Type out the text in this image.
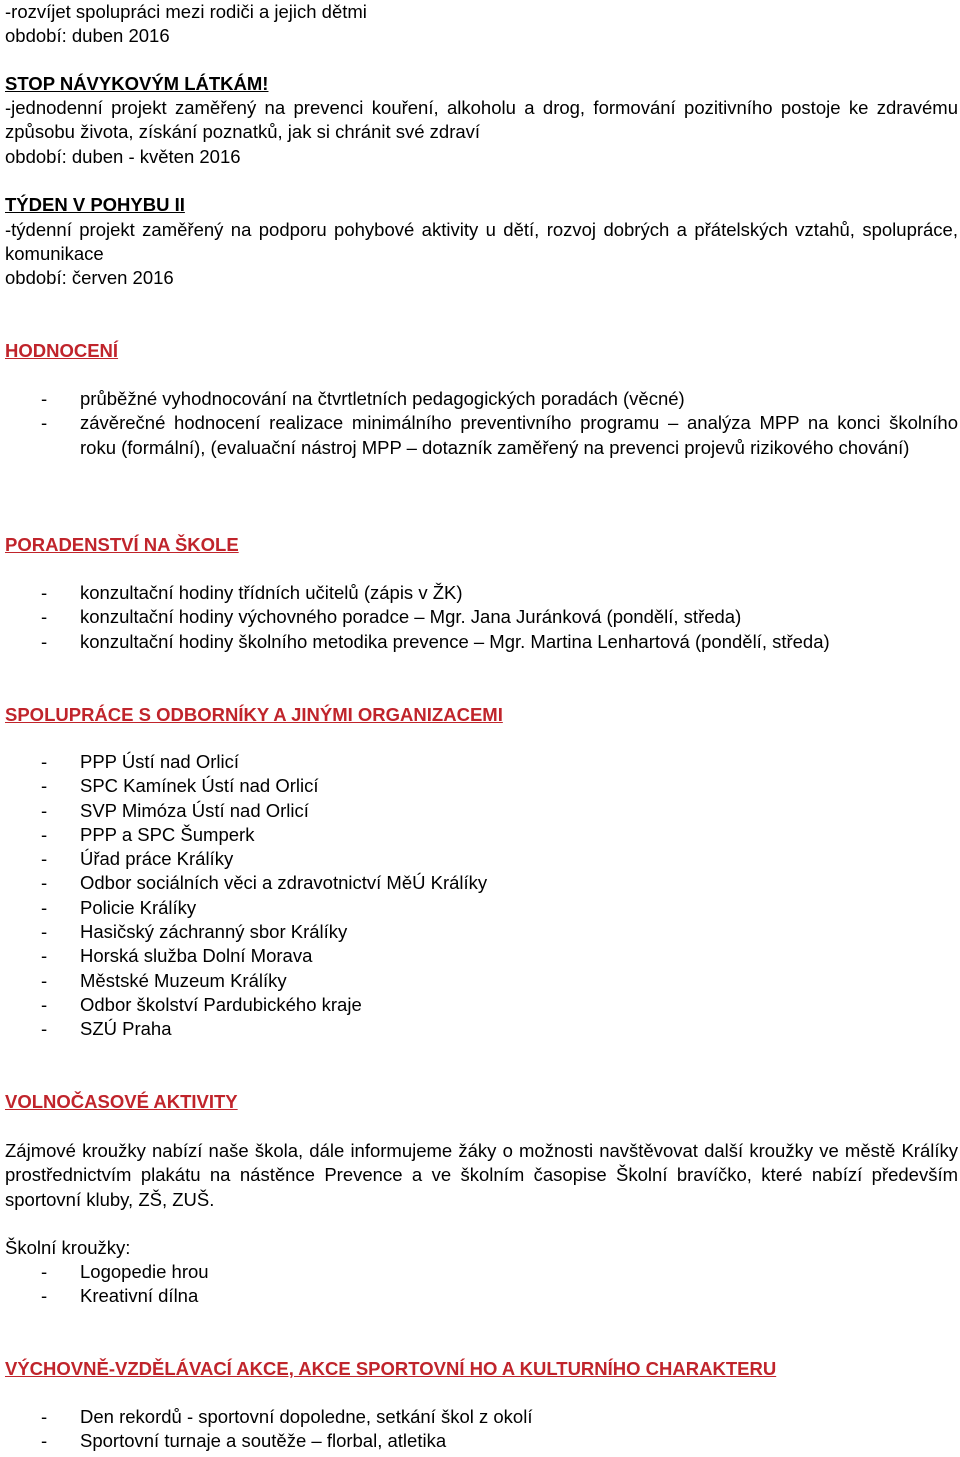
-rozvíjet spolupráci mezi rodiči a jejich dětmi

období: duben 2016

STOP NÁVYKOVÝM LÁTKÁM!

-jednodenní projekt zaměřený na prevenci kouření, alkoholu a drog, formování pozitivního postoje ke zdravému způsobu života, získání poznatků, jak si chránit své zdraví

období: duben - květen 2016

TÝDEN V POHYBU II

-týdenní projekt zaměřený na podporu pohybové aktivity u dětí, rozvoj dobrých a přátelských vztahů, spolupráce, komunikace

období: červen 2016

HODNOCENÍ

- průběžné vyhodnocování na čtvrtletních pedagogických poradách (věcné)
- závěrečné hodnocení realizace minimálního preventivního programu – analýza MPP na konci školního roku (formální), (evaluační nástroj MPP – dotazník zaměřený na prevenci projevů rizikového chování)

PORADENSTVÍ NA ŠKOLE

- konzultační hodiny třídních učitelů (zápis v ŽK)
- konzultační hodiny výchovného poradce – Mgr. Jana Juránková (pondělí, středa)
- konzultační hodiny školního metodika prevence – Mgr. Martina Lenhartová (pondělí, středa)

SPOLUPRÁCE S ODBORNÍKY A JINÝMI ORGANIZACEMI

- PPP Ústí nad Orlicí
- SPC Kamínek Ústí nad Orlicí
- SVP Mimóza Ústí nad Orlicí
- PPP a SPC Šumperk
- Úřad práce Králíky
- Odbor sociálních věci a zdravotnictví MěÚ Králíky
- Policie Králíky
- Hasičský záchranný sbor Králíky
- Horská služba Dolní Morava
- Městské Muzeum Králíky
- Odbor školství Pardubického kraje
- SZÚ Praha

VOLNOČASOVÉ AKTIVITY

Zájmové kroužky nabízí naše škola, dále informujeme žáky o možnosti navštěvovat další kroužky ve městě Králíky prostřednictvím plakátu na nástěnce Prevence a ve školním časopise Školní bravíčko, které nabízí především sportovní kluby, ZŠ, ZUŠ.

Školní kroužky:

- Logopedie hrou
- Kreativní dílna

VÝCHOVNĚ-VZDĚLÁVACÍ AKCE, AKCE SPORTOVNÍ HO A KULTURNÍHO CHARAKTERU

- Den rekordů - sportovní dopoledne, setkání škol z okolí
- Sportovní turnaje a soutěže – florbal, atletika
